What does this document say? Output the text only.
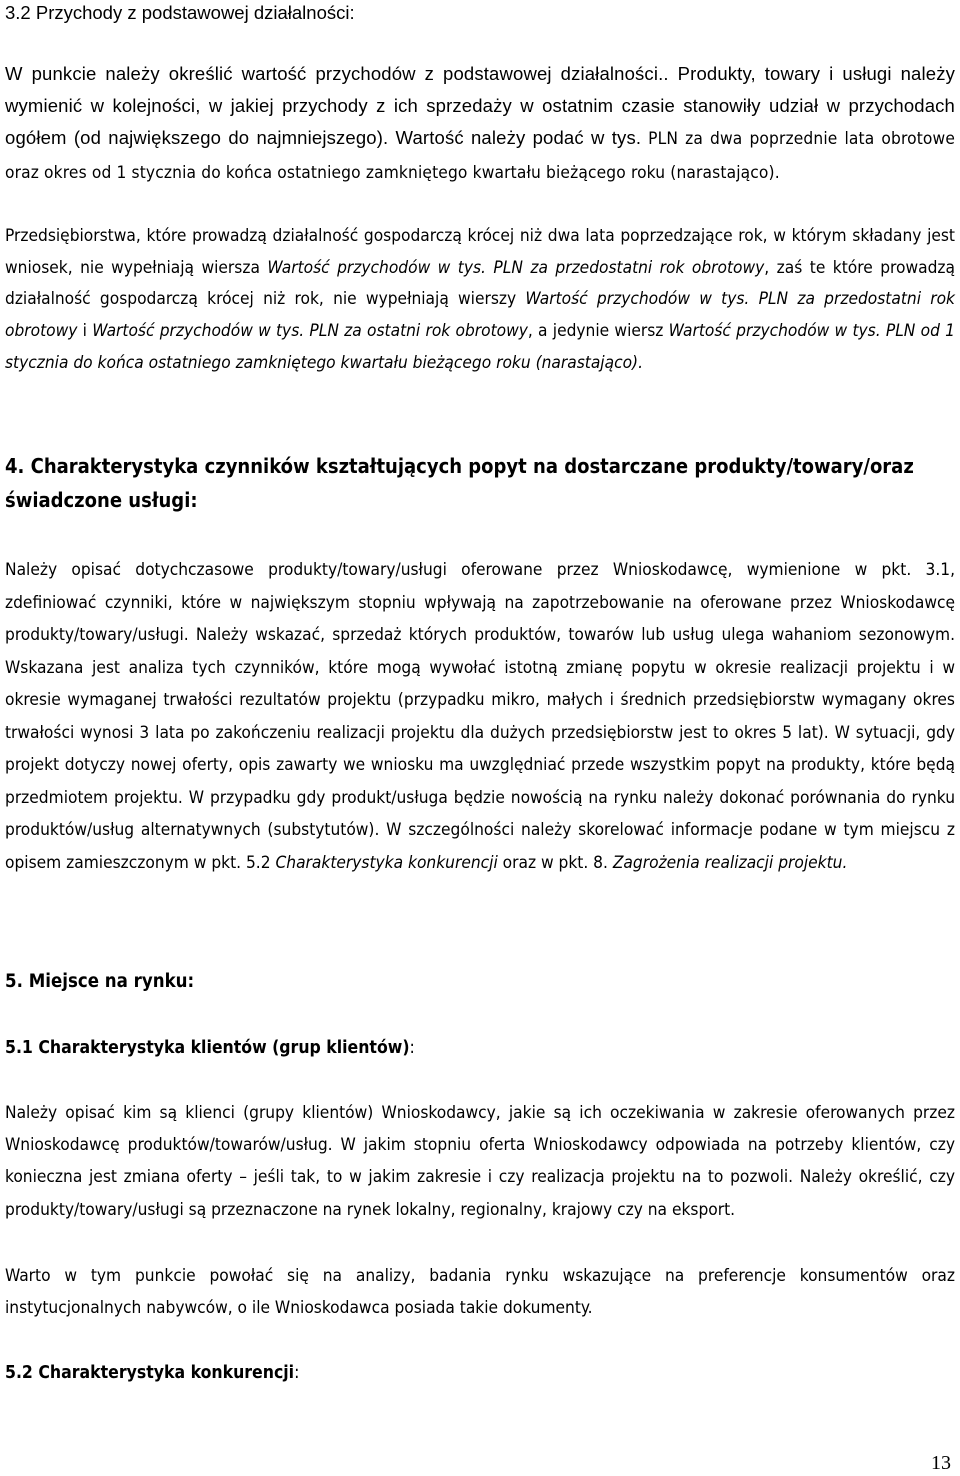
3.2 Przychody z podstawowej działalności:

W punkcie należy określić wartość przychodów z podstawowej działalności.. Produkty, towary i usługi należy wymienić w kolejności, w jakiej przychody z ich sprzedaży w ostatnim czasie stanowiły udział w przychodach ogółem (od największego do najmniejszego). Wartość należy podać w tys. PLN za dwa poprzednie lata obrotowe oraz okres od 1 stycznia do końca ostatniego zamkniętego kwartału bieżącego roku (narastająco).

Przedsiębiorstwa, które prowadzą działalność gospodarczą krócej niż dwa lata poprzedzające rok, w którym składany jest wniosek, nie wypełniają wiersza Wartość przychodów w tys. PLN za przedostatni rok obrotowy, zaś te które prowadzą działalność gospodarczą krócej niż rok, nie wypełniają wierszy Wartość przychodów w tys. PLN za przedostatni rok obrotowy i Wartość przychodów w tys. PLN za ostatni rok obrotowy, a jedynie wiersz Wartość przychodów w tys. PLN od 1 stycznia do końca ostatniego zamkniętego kwartału bieżącego roku (narastająco).

4. Charakterystyka czynników kształtujących popyt na dostarczane produkty/towary/oraz świadczone usługi:

Należy opisać dotychczasowe produkty/towary/usługi oferowane przez Wnioskodawcę, wymienione w pkt. 3.1, zdefiniować czynniki, które w największym stopniu wpływają na zapotrzebowanie na oferowane przez Wnioskodawcę produkty/towary/usługi. Należy wskazać, sprzedaż których produktów, towarów lub usług ulega wahaniom sezonowym. Wskazana jest analiza tych czynników, które mogą wywołać istotną zmianę popytu w okresie realizacji projektu i w okresie wymaganej trwałości rezultatów projektu (przypadku mikro, małych i średnich przedsiębiorstw wymagany okres trwałości wynosi 3 lata po zakończeniu realizacji projektu dla dużych przedsiębiorstw jest to okres 5 lat). W sytuacji, gdy projekt dotyczy nowej oferty, opis zawarty we wniosku ma uwzględniać przede wszystkim popyt na produkty, które będą przedmiotem projektu. W przypadku gdy produkt/usługa będzie nowością na rynku należy dokonać porównania do rynku produktów/usług alternatywnych (substytutów). W szczególności należy skorelować informacje podane w tym miejscu z opisem zamieszczonym w pkt. 5.2 Charakterystyka konkurencji oraz w pkt. 8. Zagrożenia realizacji projektu.

5. Miejsce na rynku:
5.1 Charakterystyka klientów (grup klientów):

Należy opisać kim są klienci (grupy klientów) Wnioskodawcy, jakie są ich oczekiwania w zakresie oferowanych przez Wnioskodawcę produktów/towarów/usług. W jakim stopniu oferta Wnioskodawcy odpowiada na potrzeby klientów, czy konieczna jest zmiana oferty – jeśli tak, to w jakim zakresie i czy realizacja projektu na to pozwoli. Należy określić, czy produkty/towary/usługi są przeznaczone na rynek lokalny, regionalny, krajowy czy na eksport.

Warto w tym punkcie powołać się na analizy, badania rynku wskazujące na preferencje konsumentów oraz instytucjonalnych nabywców, o ile Wnioskodawca posiada takie dokumenty.

5.2 Charakterystyka konkurencji:
13
